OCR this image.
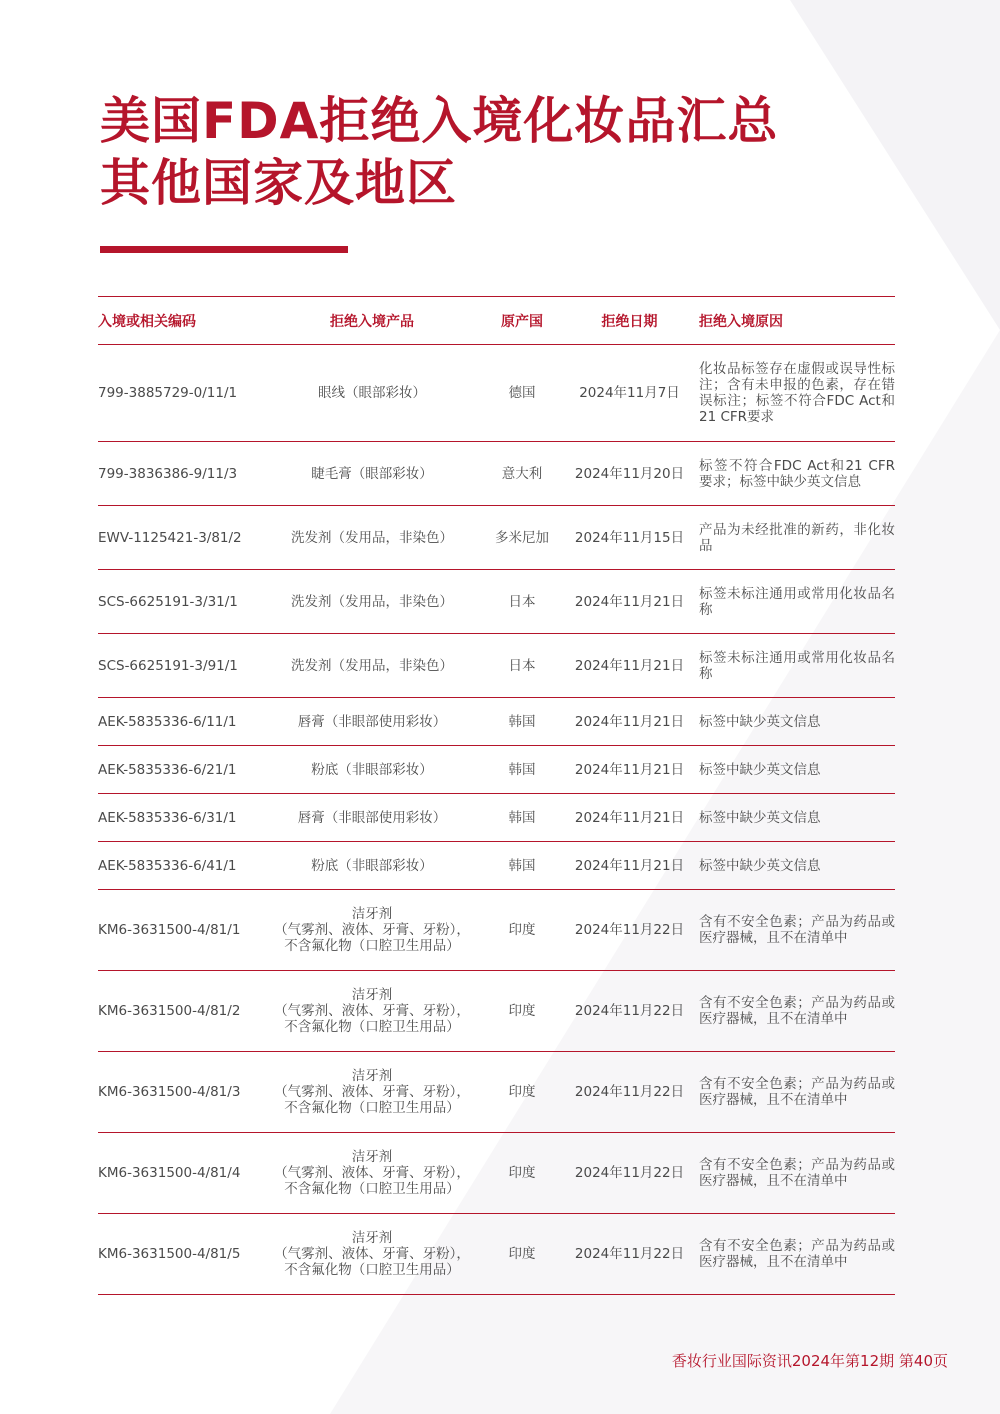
美国FDA拒绝入境化妆品汇总
其他国家及地区
入境或相关编码	拒绝入境产品	原产国	拒绝日期	拒绝入境原因
799-3885729-0/11/1	眼线（眼部彩妆）	德国	2024年11月7日	化妆品标签存在虚假或误导性标注；含有未申报的色素，存在错误标注；标签不符合FDC Act和21 CFR要求
799-3836386-9/11/3	睫毛膏（眼部彩妆）	意大利	2024年11月20日	标签不符合FDC Act和21 CFR要求；标签中缺少英文信息
EWV-1125421-3/81/2	洗发剂（发用品，非染色）	多米尼加	2024年11月15日	产品为未经批准的新药，非化妆品
SCS-6625191-3/31/1	洗发剂（发用品，非染色）	日本	2024年11月21日	标签未标注通用或常用化妆品名称
SCS-6625191-3/91/1	洗发剂（发用品，非染色）	日本	2024年11月21日	标签未标注通用或常用化妆品名称
AEK-5835336-6/11/1	唇膏（非眼部使用彩妆）	韩国	2024年11月21日	标签中缺少英文信息
AEK-5835336-6/21/1	粉底（非眼部彩妆）	韩国	2024年11月21日	标签中缺少英文信息
AEK-5835336-6/31/1	唇膏（非眼部使用彩妆）	韩国	2024年11月21日	标签中缺少英文信息
AEK-5835336-6/41/1	粉底（非眼部彩妆）	韩国	2024年11月21日	标签中缺少英文信息
KM6-3631500-4/81/1	洁牙剂
（气雾剂、液体、牙膏、牙粉），
不含氟化物（口腔卫生用品）	印度	2024年11月22日	含有不安全色素；产品为药品或医疗器械，且不在清单中
KM6-3631500-4/81/2	洁牙剂
（气雾剂、液体、牙膏、牙粉），
不含氟化物（口腔卫生用品）	印度	2024年11月22日	含有不安全色素；产品为药品或医疗器械，且不在清单中
KM6-3631500-4/81/3	洁牙剂
（气雾剂、液体、牙膏、牙粉），
不含氟化物（口腔卫生用品）	印度	2024年11月22日	含有不安全色素；产品为药品或医疗器械，且不在清单中
KM6-3631500-4/81/4	洁牙剂
（气雾剂、液体、牙膏、牙粉），
不含氟化物（口腔卫生用品）	印度	2024年11月22日	含有不安全色素；产品为药品或医疗器械，且不在清单中
KM6-3631500-4/81/5	洁牙剂
（气雾剂、液体、牙膏、牙粉），
不含氟化物（口腔卫生用品）	印度	2024年11月22日	含有不安全色素；产品为药品或医疗器械，且不在清单中
香妆行业国际资讯2024年第12期 第40页
